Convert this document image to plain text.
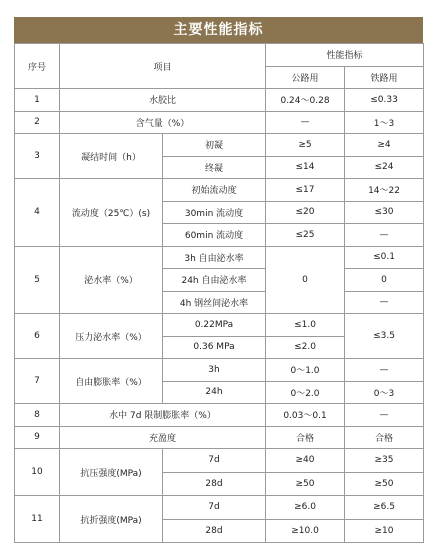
主要性能指标
序号	项目		性能指标	
			公路用	铁路用
1	水胶比		0.24～0.28	≤0.33
2	含气量（%）		—	1～3
3	凝结时间（h）	初凝	≥5	≥4
		终凝	≤14	≤24
4	流动度（25℃）(s)	初始流动度	≤17	14～22
		30min 流动度	≤20	≤30
		60min 流动度	≤25	—
5	泌水率（%）	3h 自由泌水率	0	≤0.1
		24h 自由泌水率		0
		4h 钢丝间泌水率		—
6	压力泌水率（%）	0.22MPa	≤1.0	≤3.5
		0.36 MPa	≤2.0	
7	自由膨胀率（%）	3h	0～1.0	—
		24h	0～2.0	0～3
8	水中 7d 限制膨胀率（%）		0.03～0.1	—
9	充盈度		合格	合格
10	抗压强度(MPa)	7d	≥40	≥35
		28d	≥50	≥50
11	抗折强度(MPa)	7d	≥6.0	≥6.5
		28d	≥10.0	≥10
